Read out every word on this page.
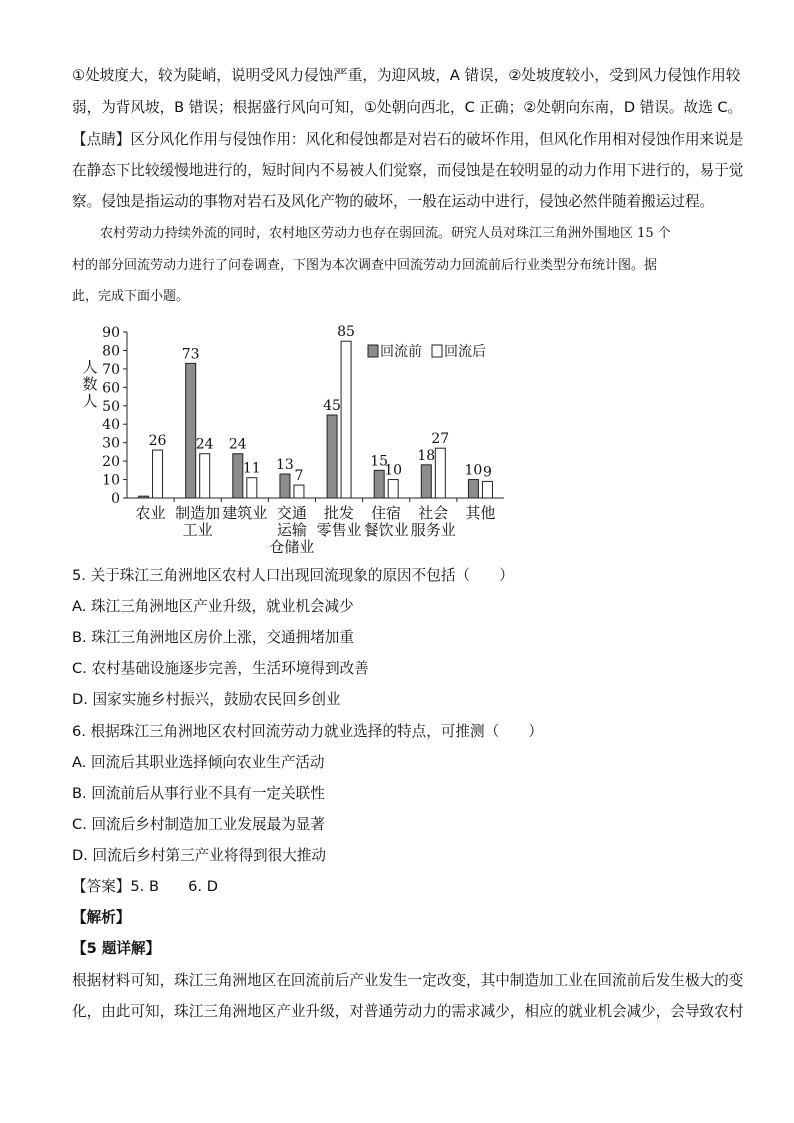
①处坡度大，较为陡峭，说明受风力侵蚀严重，为迎风坡，A 错误，②处坡度较小，受到风力侵蚀作用较
弱，为背风坡，B 错误；根据盛行风向可知，①处朝向西北，C 正确；②处朝向东南，D 错误。故选 C。
【点睛】区分风化作用与侵蚀作用：风化和侵蚀都是对岩石的破坏作用，但风化作用相对侵蚀作用来说是
在静态下比较缓慢地进行的，短时间内不易被人们觉察，而侵蚀是在较明显的动力作用下进行的，易于觉
察。侵蚀是指运动的事物对岩石及风化产物的破坏，一般在运动中进行，侵蚀必然伴随着搬运过程。
农村劳动力持续外流的同时，农村地区劳动力也存在弱回流。研究人员对珠江三角洲外围地区 15 个
村的部分回流劳动力进行了问卷调查，下图为本次调查中回流劳动力回流前后行业类型分布统计图。据
此，完成下面小题。
0
10
20
30
40
50
60
70
80
90
人
数
人
26
农业
73
24
制造加
工业
24
11
建筑业
13
7
交通
运输
仓储业
45
85
批发
零售业
15
10
住宿
餐饮业
18
27
社会
服务业
10 9
其他
回流前 回流后
5. 关于珠江三角洲地区农村人口出现回流现象的原因不包括（　　）
A. 珠江三角洲地区产业升级，就业机会减少
B. 珠江三角洲地区房价上涨，交通拥堵加重
C. 农村基础设施逐步完善，生活环境得到改善
D. 国家实施乡村振兴，鼓励农民回乡创业
6. 根据珠江三角洲地区农村回流劳动力就业选择的特点，可推测（　　）
A. 回流后其职业选择倾向农业生产活动
B. 回流前后从事行业不具有一定关联性
C. 回流后乡村制造加工业发展最为显著
D. 回流后乡村第三产业将得到很大推动
【答案】5. B　　6. D
【解析】
【5 题详解】
根据材料可知，珠江三角洲地区在回流前后产业发生一定改变，其中制造加工业在回流前后发生极大的变
化，由此可知，珠江三角洲地区产业升级，对普通劳动力的需求减少，相应的就业机会减少，会导致农村
